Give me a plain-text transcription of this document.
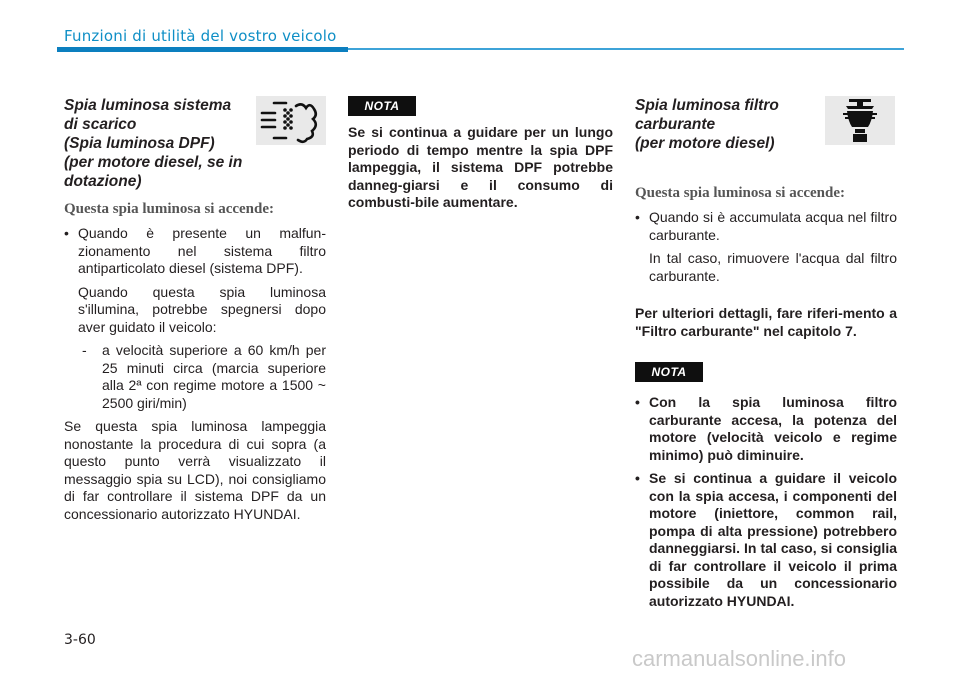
Funzioni di utilità del vostro veicolo
Spia luminosa sistema
di scarico
(Spia luminosa DPF)
(per motore diesel, se in
dotazione)
Questa spia luminosa si accende:
• Quando è presente un malfun-zionamento nel sistema filtro antiparticolato diesel (sistema DPF).
Quando questa spia luminosa s'illumina, potrebbe spegnersi dopo aver guidato il veicolo:
- a velocità superiore a 60 km/h per 25 minuti circa (marcia superiore alla 2ª con regime motore a 1500 ~ 2500 giri/min)
Se questa spia luminosa lampeggia nonostante la procedura di cui sopra (a questo punto verrà visualizzato il messaggio spia su LCD), noi consigliamo di far controllare il sistema DPF da un concessionario autorizzato HYUNDAI.
NOTA
Se si continua a guidare per un lungo periodo di tempo mentre la spia DPF lampeggia, il sistema DPF potrebbe danneg-giarsi e il consumo di combusti-bile aumentare.
Spia luminosa filtro
carburante
(per motore diesel)
Questa spia luminosa si accende:
• Quando si è accumulata acqua nel filtro carburante.
In tal caso, rimuovere l'acqua dal filtro carburante.
Per ulteriori dettagli, fare riferi-mento a "Filtro carburante" nel capitolo 7.
NOTA
• Con la spia luminosa filtro carburante accesa, la potenza del motore (velocità veicolo e regime minimo) può diminuire.
• Se si continua a guidare il veicolo con la spia accesa, i componenti del motore (iniettore, common rail, pompa di alta pressione) potrebbero danneggiarsi. In tal caso, si consiglia di far controllare il veicolo il prima possibile da un concessionario autorizzato HYUNDAI.
3-60
carmanualsonline.info
